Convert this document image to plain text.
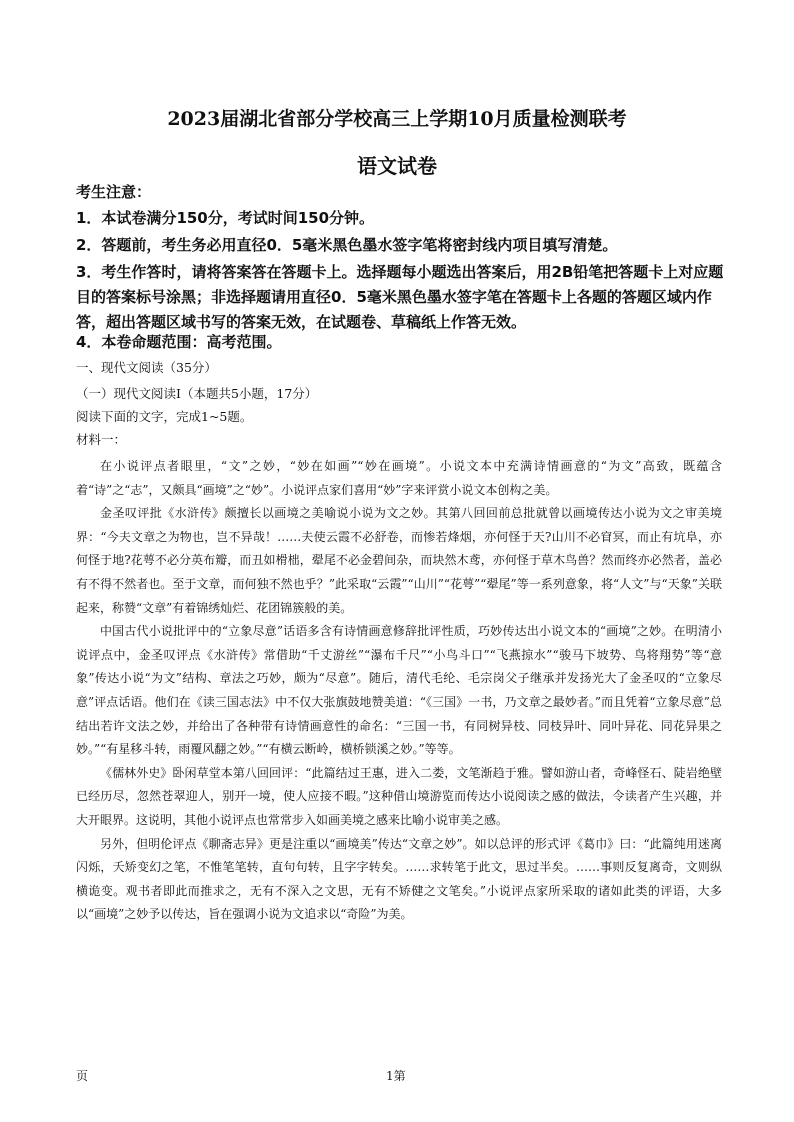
2023届湖北省部分学校高三上学期10月质量检测联考
语文试卷
考生注意：
1．本试卷满分150分，考试时间150分钟。
2．答题前，考生务必用直径0．5毫米黑色墨水签字笔将密封线内项目填写清楚。
3．考生作答时，请将答案答在答题卡上。选择题每小题选出答案后，用2B铅笔把答题卡上对应题目的答案标号涂黑；非选择题请用直径0．5毫米黑色墨水签字笔在答题卡上各题的答题区域内作答，超出答题区域书写的答案无效，在试题卷、草稿纸上作答无效。
4．本卷命题范围：高考范围。
一、现代文阅读（35分）
（一）现代文阅读Ⅰ（本题共5小题，17分）
阅读下面的文字，完成1~5题。
材料一：

在小说评点者眼里，“文”之妙，“妙在如画”“妙在画境”。小说文本中充满诗情画意的“为文”高致，既蕴含着“诗”之“志”，又颇具“画境”之“妙”。小说评点家们喜用“妙”字来评赏小说文本创构之美。

金圣叹评批《水浒传》颇擅长以画境之美喻说小说为文之妙。其第八回回前总批就曾以画境传达小说为文之审美境界：“今夫文章之为物也，岂不异哉！……夫使云霞不必舒卷，而惨若烽烟，亦何怪于天?山川不必窅冥，而止有坑阜，亦何怪于地?花萼不必分英布瓣，而丑如榾柮，翚尾不必金碧间杂，而块然木鸢，亦何怪于草木鸟兽？然而终亦必然者，盖必有不得不然者也。至于文章，而何独不然也乎？”此采取“云霞”“山川”“花萼”“翚尾”等一系列意象，将“人文”与“天象”关联起来，称赞“文章”有着锦绣灿烂、花团锦簇般的美。

中国古代小说批评中的“立象尽意”话语多含有诗情画意修辞批评性质，巧妙传达出小说文本的“画境”之妙。在明清小说评点中，金圣叹评点《水浒传》常借助“千丈游丝”“瀑布千尺”“小鸟斗口”“飞燕掠水”“骏马下坡势、鸟将翔势”等“意象”传达小说“为文”结构、章法之巧妙，颇为“尽意”。随后，清代毛纶、毛宗岗父子继承并发扬光大了金圣叹的“立象尽意”评点话语。他们在《读三国志法》中不仅大张旗鼓地赞美道：“《三国》一书，乃文章之最妙者。”而且凭着“立象尽意”总结出若许文法之妙，并给出了各种带有诗情画意性的命名：“三国一书，有同树异枝、同枝异叶、同叶异花、同花异果之妙。”“有星移斗转，雨覆风翻之妙。”“有横云断岭，横桥锁溪之妙。”等等。

《儒林外史》卧闲草堂本第八回回评：“此篇结过王惠，进入二娄，文笔渐趋于雅。譬如游山者，奇峰怪石、陡岩绝壁已经历尽，忽然苍翠迎人，别开一境，使人应接不暇。”这种借山境游览而传达小说阅读之感的做法，令读者产生兴趣，并大开眼界。这说明，其他小说评点也常常步入如画美境之感来比喻小说审美之感。

另外，但明伦评点《聊斋志异》更是注重以“画境美”传达“文章之妙”。如以总评的形式评《葛巾》曰：“此篇纯用迷离闪烁，夭矫变幻之笔，不惟笔笔转，直句句转，且字字转矣。……求转笔于此文，思过半矣。……事则反复离奇，文则纵横诡变。观书者即此而推求之，无有不深入之文思，无有不矫健之文笔矣。”小说评点家所采取的诸如此类的评语，大多以“画境”之妙予以传达，旨在强调小说为文追求以“奇险”为美。

页	1第
